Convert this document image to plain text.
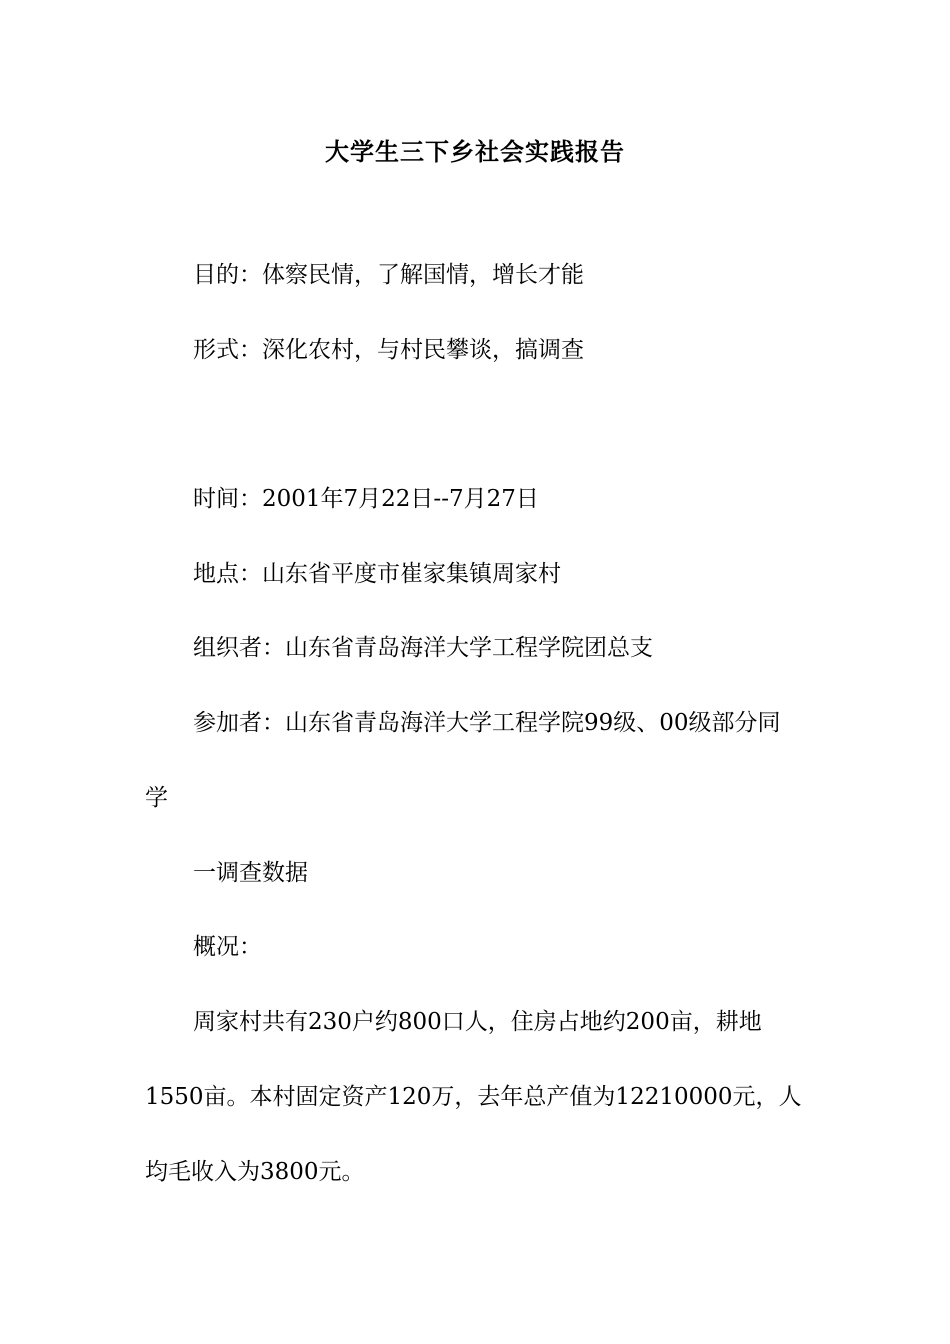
大学生三下乡社会实践报告
目的：体察民情，了解国情，增长才能
形式：深化农村，与村民攀谈，搞调查
时间：2001年7月22日--7月27日
地点：山东省平度市崔家集镇周家村
组织者：山东省青岛海洋大学工程学院团总支
参加者：山东省青岛海洋大学工程学院99级、00级部分同
学
一调查数据
概况：
周家村共有230户约800口人，住房占地约200亩，耕地
1550亩。本村固定资产120万，去年总产值为12210000元，人
均毛收入为3800元。
